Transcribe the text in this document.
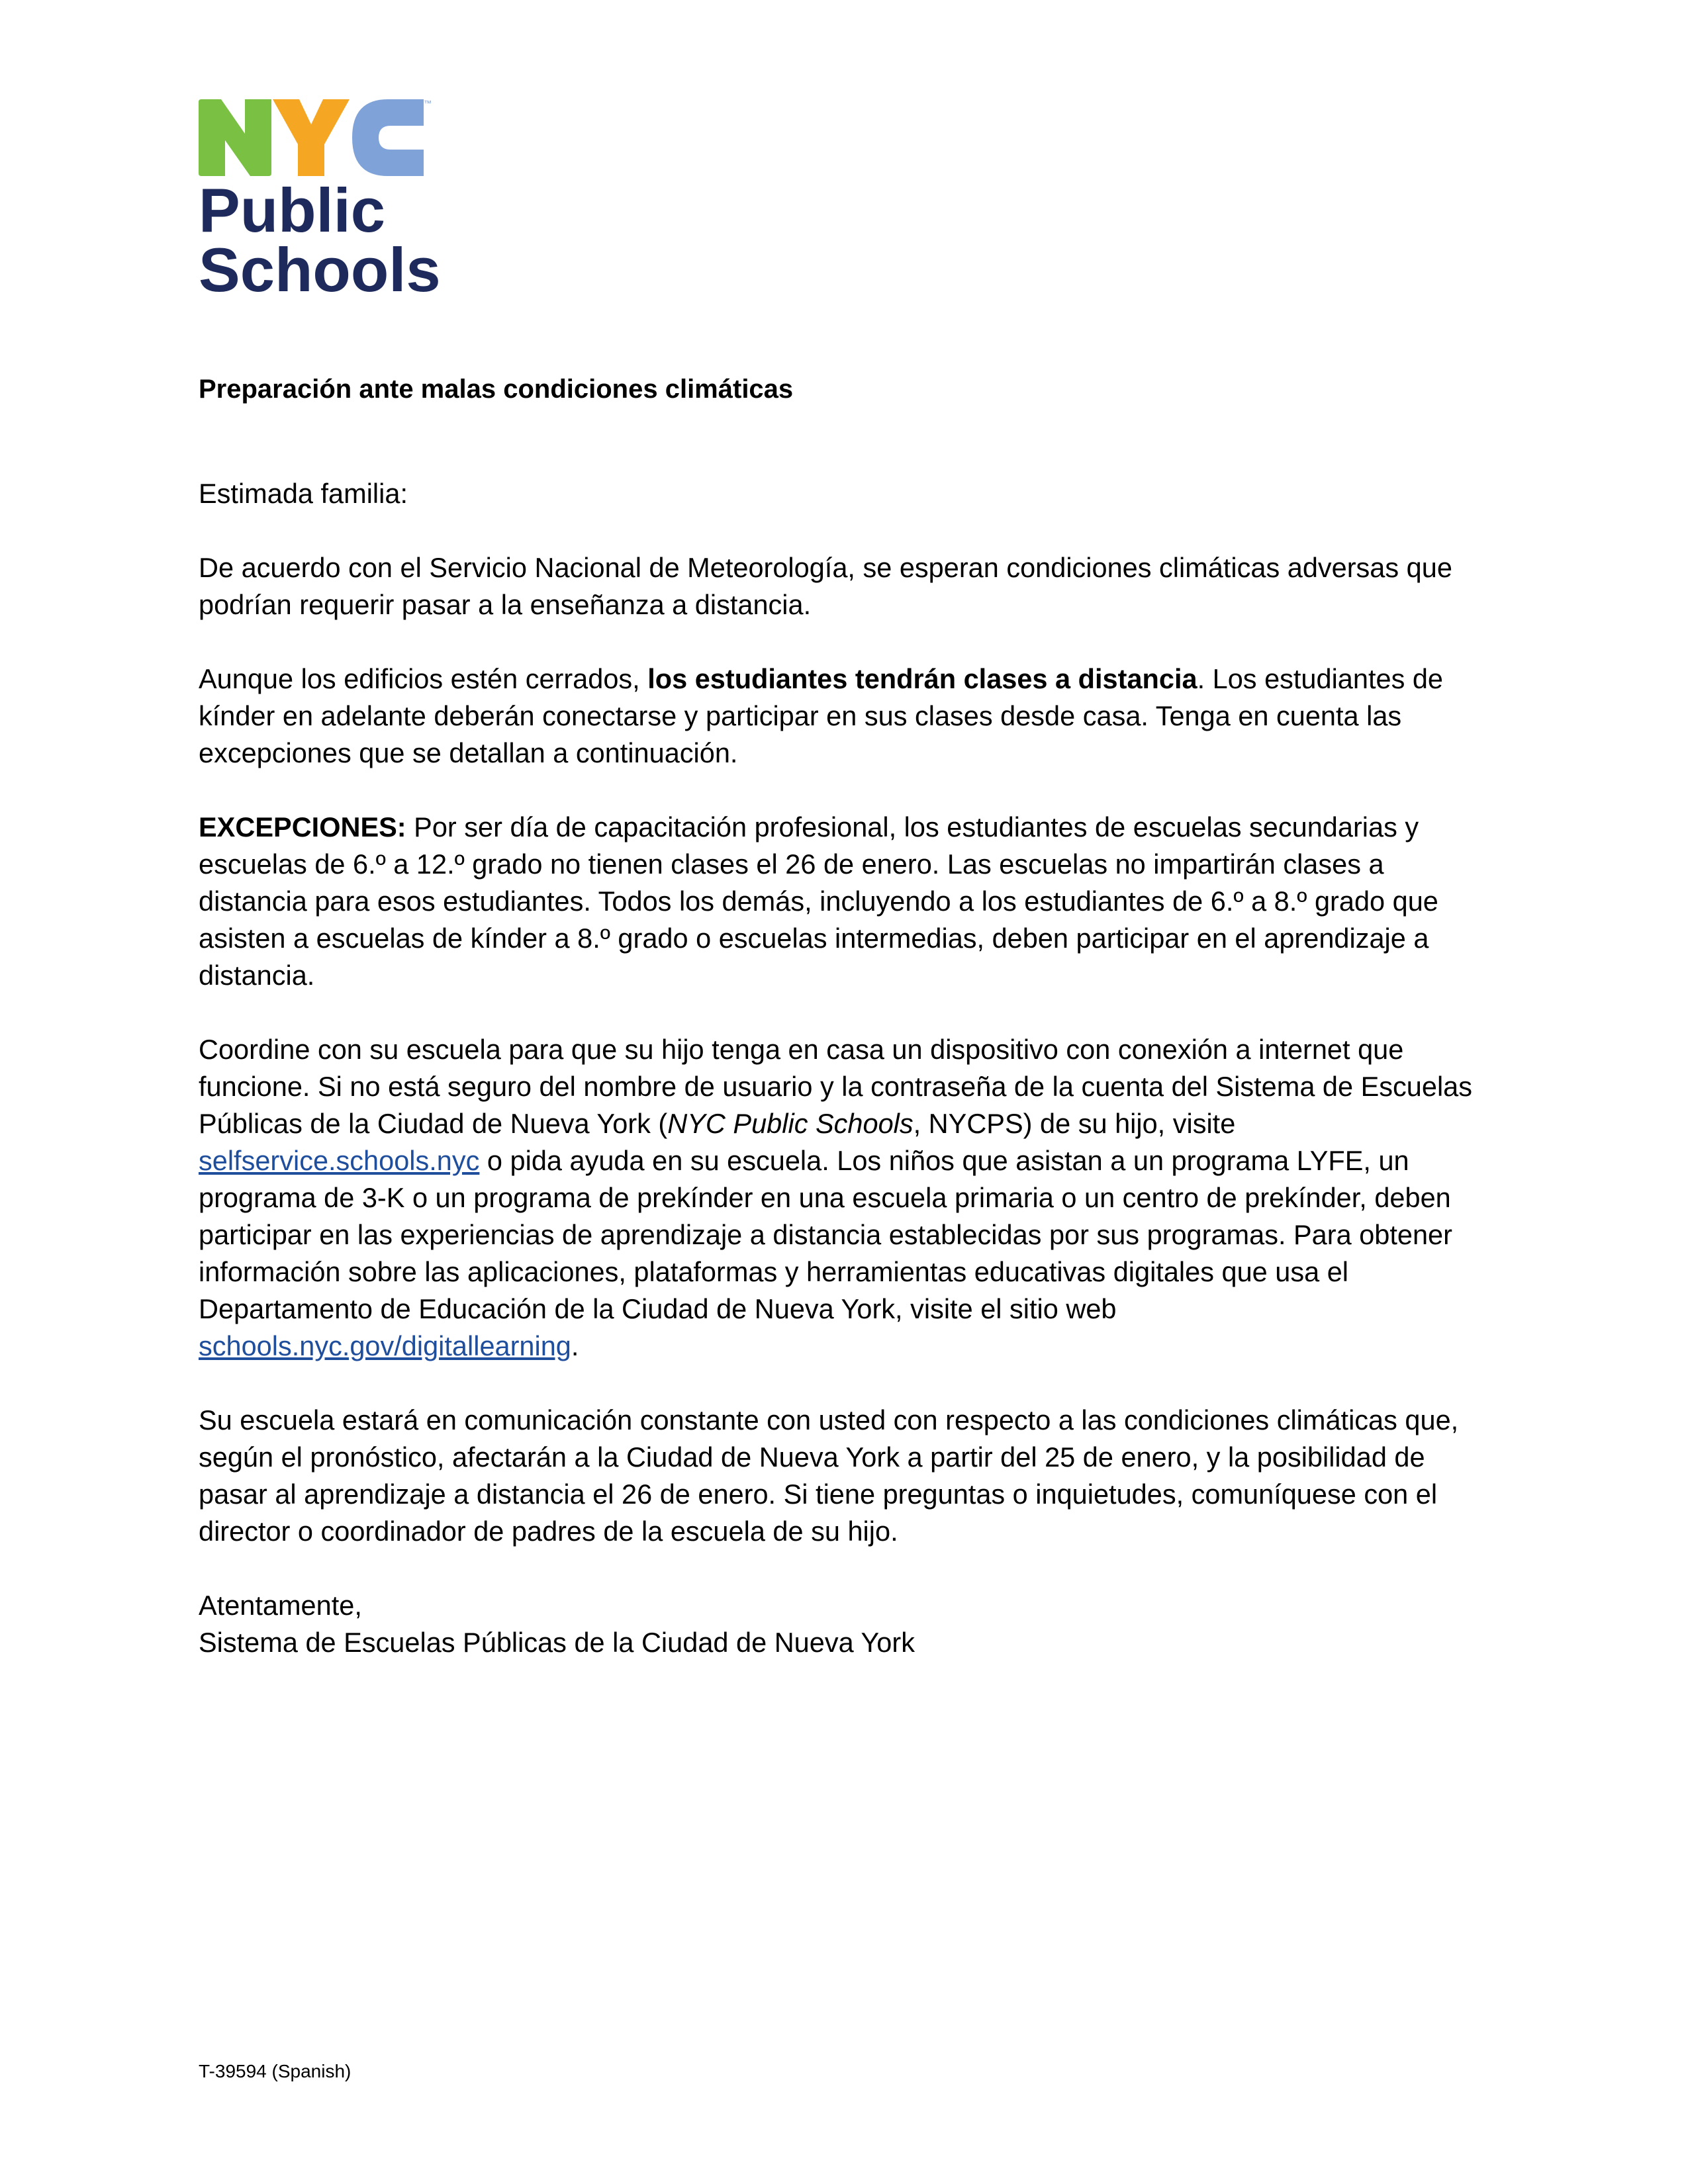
™
Public
Schools
Preparación ante malas condiciones climáticas

Estimada familia:

De acuerdo con el Servicio Nacional de Meteorología, se esperan condiciones climáticas adversas que podrían requerir pasar a la enseñanza a distancia.

Aunque los edificios estén cerrados, los estudiantes tendrán clases a distancia. Los estudiantes de kínder en adelante deberán conectarse y participar en sus clases desde casa. Tenga en cuenta las excepciones que se detallan a continuación.

EXCEPCIONES: Por ser día de capacitación profesional, los estudiantes de escuelas secundarias y escuelas de 6.º a 12.º grado no tienen clases el 26 de enero. Las escuelas no impartirán clases a distancia para esos estudiantes. Todos los demás, incluyendo a los estudiantes de 6.º a 8.º grado que asisten a escuelas de kínder a 8.º grado o escuelas intermedias, deben participar en el aprendizaje a distancia.

Coordine con su escuela para que su hijo tenga en casa un dispositivo con conexión a internet que funcione. Si no está seguro del nombre de usuario y la contraseña de la cuenta del Sistema de Escuelas Públicas de la Ciudad de Nueva York (NYC Public Schools, NYCPS) de su hijo, visite selfservice.schools.nyc o pida ayuda en su escuela. Los niños que asistan a un programa LYFE, un programa de 3-K o un programa de prekínder en una escuela primaria o un centro de prekínder, deben participar en las experiencias de aprendizaje a distancia establecidas por sus programas. Para obtener información sobre las aplicaciones, plataformas y herramientas educativas digitales que usa el Departamento de Educación de la Ciudad de Nueva York, visite el sitio web schools.nyc.gov/digitallearning.

Su escuela estará en comunicación constante con usted con respecto a las condiciones climáticas que, según el pronóstico, afectarán a la Ciudad de Nueva York a partir del 25 de enero, y la posibilidad de pasar al aprendizaje a distancia el 26 de enero. Si tiene preguntas o inquietudes, comuníquese con el director o coordinador de padres de la escuela de su hijo.

Atentamente,
Sistema de Escuelas Públicas de la Ciudad de Nueva York

T-39594 (Spanish)
